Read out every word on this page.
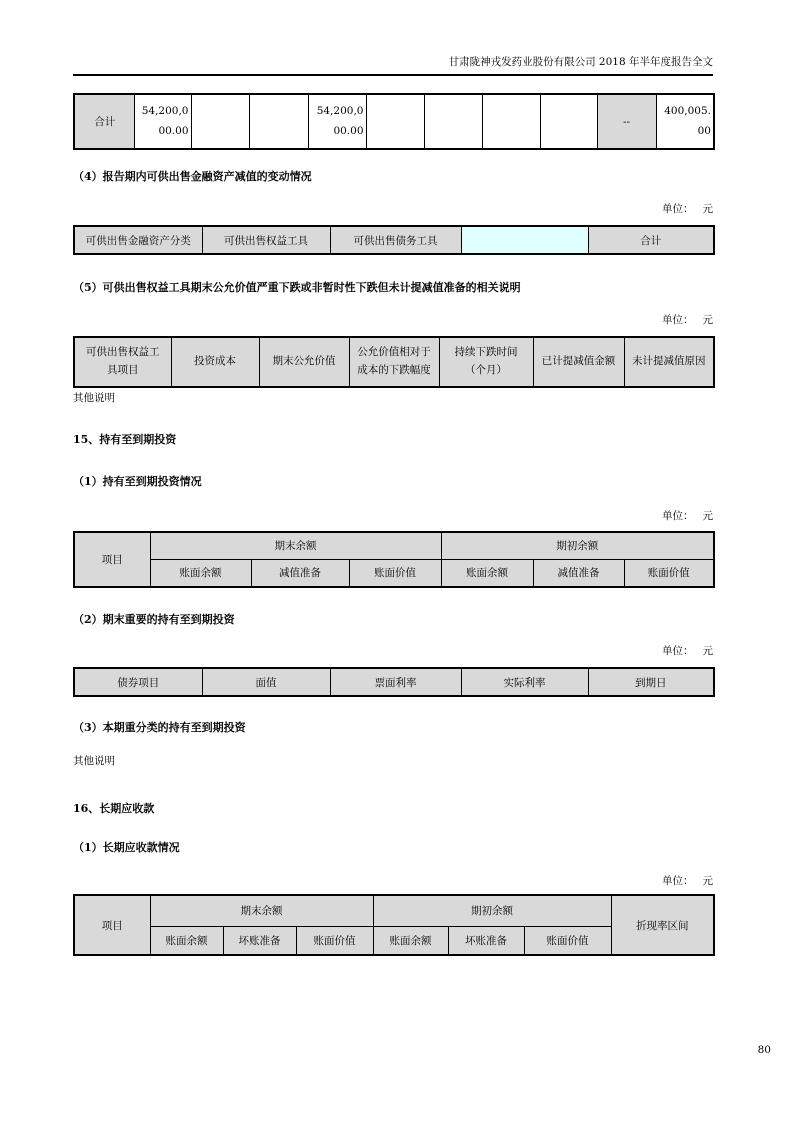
甘肃陇神戎发药业股份有限公司 2018 年半年度报告全文
合计	54,200,000.00			54,200,000.00					--	400,005.00

（4）报告期内可供出售金融资产减值的变动情况

单位： 元
可供出售金融资产分类	可供出售权益工具	可供出售债务工具		合计

（5）可供出售权益工具期末公允价值严重下跌或非暂时性下跌但未计提减值准备的相关说明

单位： 元
可供出售权益工具项目	投资成本	期末公允价值	公允价值相对于成本的下跌幅度	持续下跌时间（个月）	已计提减值金额	未计提减值原因
其他说明

15、持有至到期投资

（1）持有至到期投资情况

单位： 元
项目	期末余额			期初余额		
	账面余额	减值准备	账面价值	账面余额	减值准备	账面价值

（2）期末重要的持有至到期投资

单位： 元
债券项目	面值	票面利率	实际利率	到期日

（3）本期重分类的持有至到期投资

其他说明

16、长期应收款

（1）长期应收款情况

单位： 元
项目	期末余额			期初余额			折现率区间
	账面余额	坏账准备	账面价值	账面余额	坏账准备	账面价值	
80
